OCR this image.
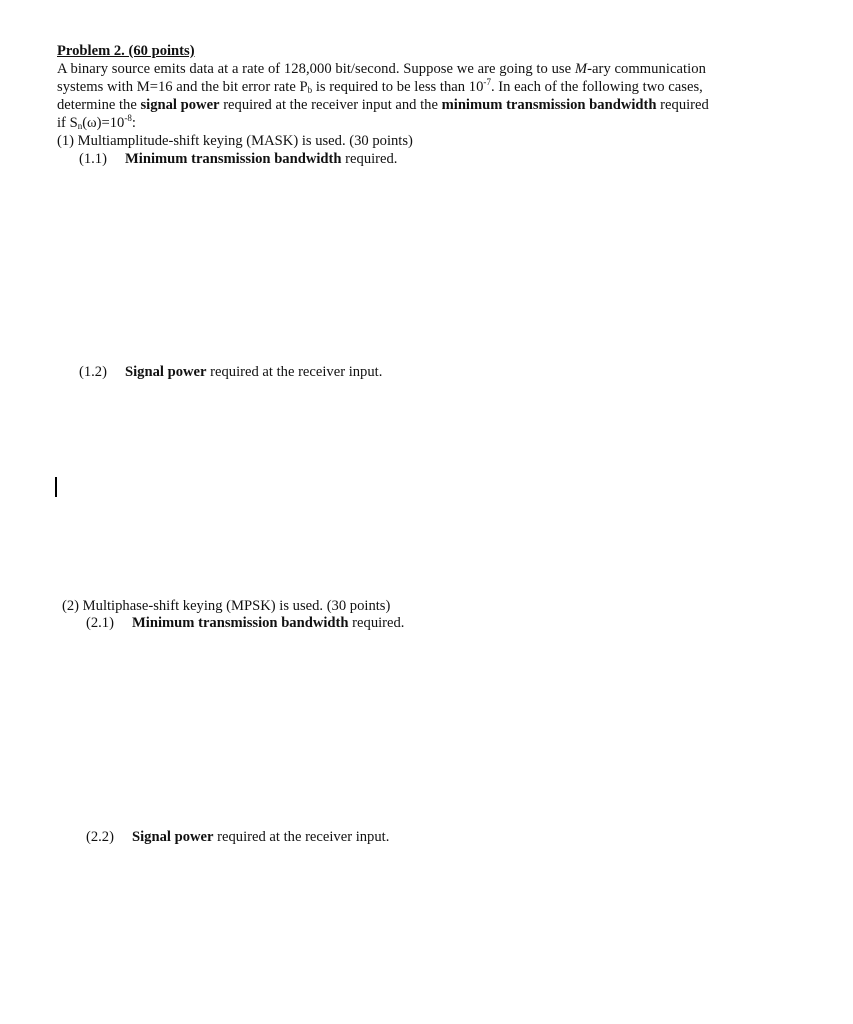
Problem 2. (60 points)
A binary source emits data at a rate of 128,000 bit/second. Suppose we are going to use M-ary communication
systems with M=16 and the bit error rate $P_b$ is required to be less than $10^{-7}$. In each of the following two cases,
determine the signal power required at the receiver input and the minimum transmission bandwidth required
if $S_n(\omega)=10^{-8}$:
(1) Multiamplitude-shift keying (MASK) is used. (30 points)
(1.1) Minimum transmission bandwidth required.
(1.2) Signal power required at the receiver input.
(2) Multiphase-shift keying (MPSK) is used. (30 points)
(2.1) Minimum transmission bandwidth required.
(2.2) Signal power required at the receiver input.
